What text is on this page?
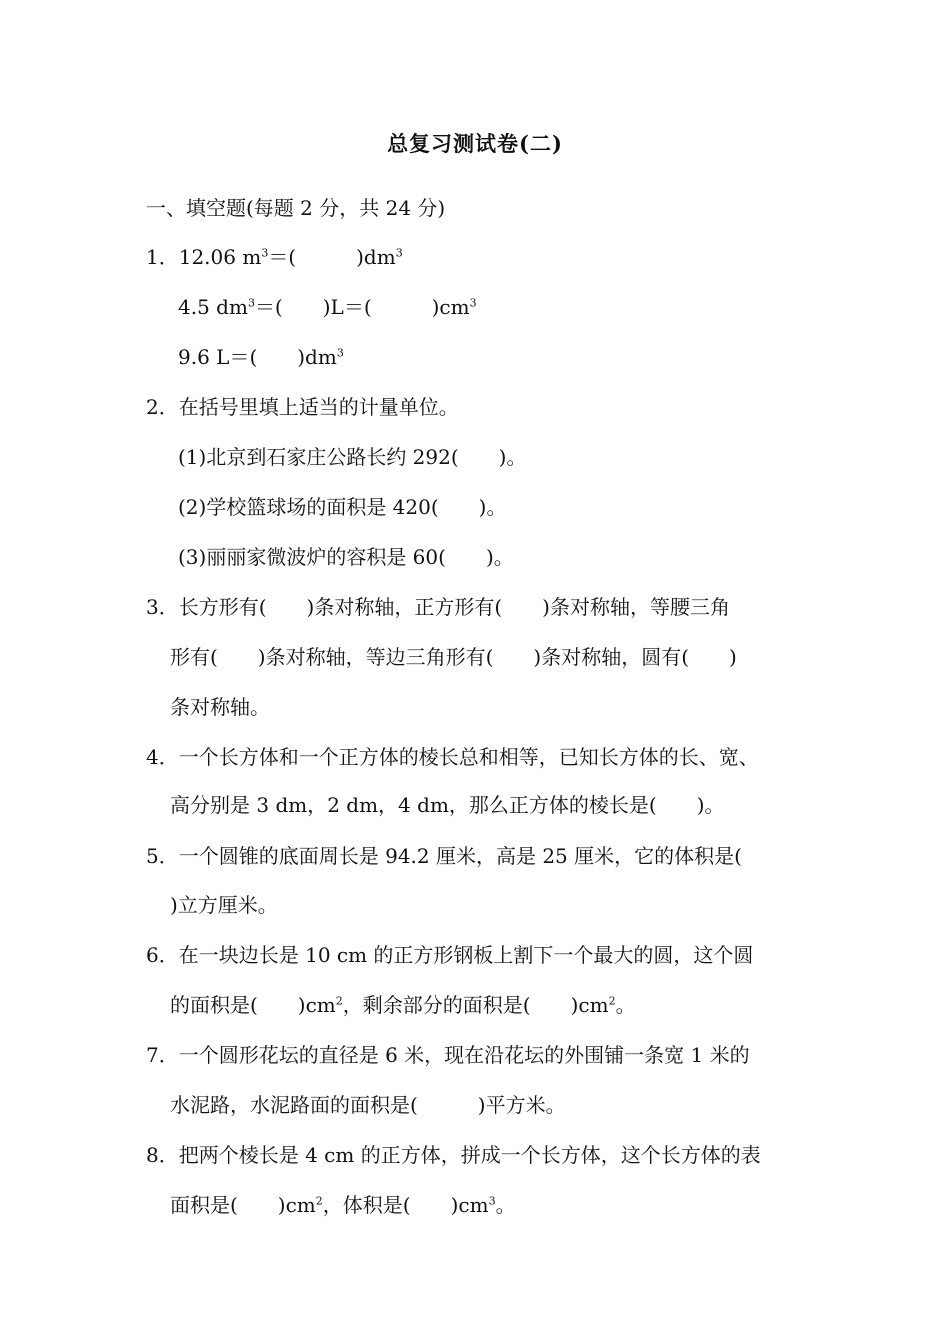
总复习测试卷(二)
一、填空题(每题 2 分，共 24 分)
1．12.06 $m^3=$(　　　)$dm^3$
4.5 $dm^3=$(　　)L＝(　　　)$cm^3$
9.6 L＝(　　)$dm^3$
2．在括号里填上适当的计量单位。
(1)北京到石家庄公路长约 292(　　)。
(2)学校篮球场的面积是 420(　　)。
(3)丽丽家微波炉的容积是 60(　　)。
3．长方形有(　　)条对称轴，正方形有(　　)条对称轴，等腰三角
形有(　　)条对称轴，等边三角形有(　　)条对称轴，圆有(　　)
条对称轴。
4．一个长方体和一个正方体的棱长总和相等，已知长方体的长、宽、
高分别是 3 dm，2 dm，4 dm，那么正方体的棱长是(　　)。
5．一个圆锥的底面周长是 94.2 厘米，高是 25 厘米，它的体积是(
)立方厘米。
6．在一块边长是 10 cm 的正方形钢板上割下一个最大的圆，这个圆
的面积是(　　)$cm^2$，剩余部分的面积是(　　)$cm^2$。
7．一个圆形花坛的直径是 6 米，现在沿花坛的外围铺一条宽 1 米的
水泥路，水泥路面的面积是(　　　)平方米。
8．把两个棱长是 4 cm 的正方体，拼成一个长方体，这个长方体的表
面积是(　　)$cm^2$，体积是(　　)$cm^3$。
